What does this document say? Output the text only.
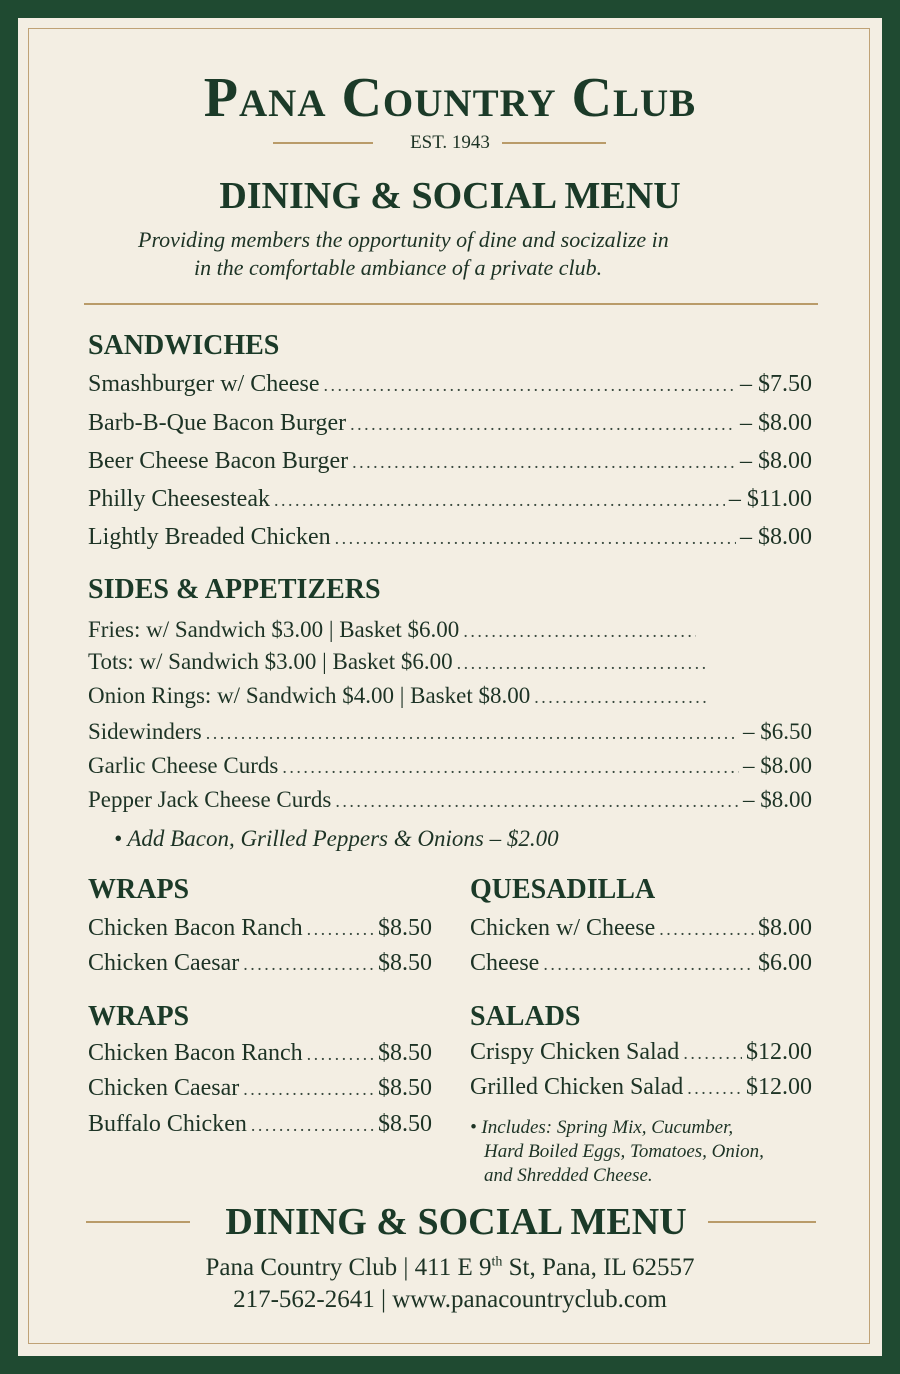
Pana Country Club
EST. 1943
DINING & SOCIAL MENU
Providing members the opportunity of dine and socizalize in
in the comfortable ambiance of a private club.
SANDWICHES
Smashburger w/ Cheese . . .	– $7.50
Barb-B-Que Bacon Burger . . .	– $8.00
Beer Cheese Bacon Burger . . .	– $8.00
Philly Cheesesteak . . .	– $11.00
Lightly Breaded Chicken . . .	– $8.00
SIDES & APPETIZERS
Fries: w/ Sandwich $3.00 | Basket $6.00
. . .
Tots: w/ Sandwich $3.00 | Basket $6.00
. . .
Onion Rings: w/ Sandwich $4.00 | Basket $8.00
. . .
Sidewinders . . .	– $6.50
Garlic Cheese Curds . . .	– $8.00
Pepper Jack Cheese Curds . . .	– $8.00
• Add Bacon, Grilled Peppers & Onions – $2.00
WRAPS
Chicken Bacon Ranch . . .	$8.50
Chicken Caesar . . .	$8.50
QUESADILLA
Chicken w/ Cheese . . .	$8.00
Cheese . . .	$6.00
WRAPS
Chicken Bacon Ranch . . .	$8.50
Chicken Caesar . . .	$8.50
Buffalo Chicken . . .	$8.50
SALADS
Crispy Chicken Salad . . .	$12.00
Grilled Chicken Salad . . .	$12.00
• Includes: Spring Mix, Cucumber,
Hard Boiled Eggs, Tomatoes, Onion,
and Shredded Cheese.
DINING & SOCIAL MENU
Pana Country Club | 411 E 9th St, Pana, IL 62557
217-562-2641 | www.panacountryclub.com
